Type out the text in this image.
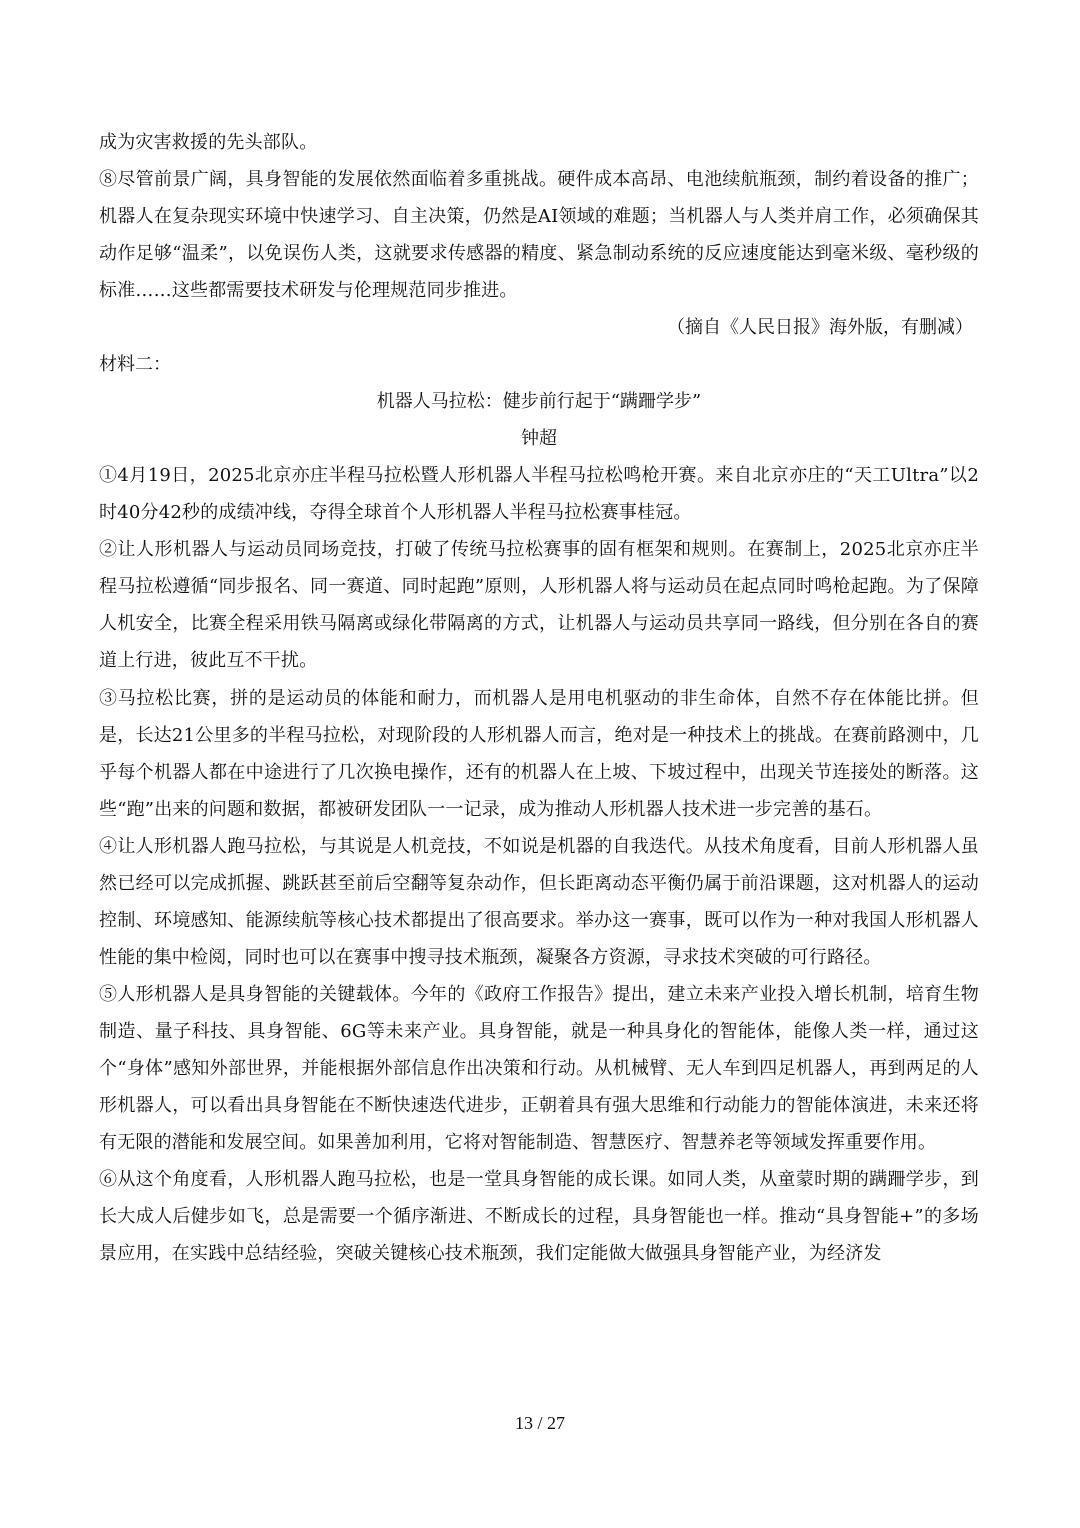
成为灾害救援的先头部队。

⑧尽管前景广阔，具身智能的发展依然面临着多重挑战。硬件成本高昂、电池续航瓶颈，制约着设备的推广；机器人在复杂现实环境中快速学习、自主决策，仍然是AI领域的难题；当机器人与人类并肩工作，必须确保其动作足够“温柔”，以免误伤人类，这就要求传感器的精度、紧急制动系统的反应速度能达到毫米级、毫秒级的标准……这些都需要技术研发与伦理规范同步推进。

（摘自《人民日报》海外版，有删减）

材料二：

机器人马拉松：健步前行起于“蹒跚学步”

钟超

①4月19日，2025北京亦庄半程马拉松暨人形机器人半程马拉松鸣枪开赛。来自北京亦庄的“天工Ultra”以2时40分42秒的成绩冲线，夺得全球首个人形机器人半程马拉松赛事桂冠。

②让人形机器人与运动员同场竞技，打破了传统马拉松赛事的固有框架和规则。在赛制上，2025北京亦庄半程马拉松遵循“同步报名、同一赛道、同时起跑”原则，人形机器人将与运动员在起点同时鸣枪起跑。为了保障人机安全，比赛全程采用铁马隔离或绿化带隔离的方式，让机器人与运动员共享同一路线，但分别在各自的赛道上行进，彼此互不干扰。

③马拉松比赛，拼的是运动员的体能和耐力，而机器人是用电机驱动的非生命体，自然不存在体能比拼。但是，长达21公里多的半程马拉松，对现阶段的人形机器人而言，绝对是一种技术上的挑战。在赛前路测中，几乎每个机器人都在中途进行了几次换电操作，还有的机器人在上坡、下坡过程中，出现关节连接处的断落。这些“跑”出来的问题和数据，都被研发团队一一记录，成为推动人形机器人技术进一步完善的基石。

④让人形机器人跑马拉松，与其说是人机竞技，不如说是机器的自我迭代。从技术角度看，目前人形机器人虽然已经可以完成抓握、跳跃甚至前后空翻等复杂动作，但长距离动态平衡仍属于前沿课题，这对机器人的运动控制、环境感知、能源续航等核心技术都提出了很高要求。举办这一赛事，既可以作为一种对我国人形机器人性能的集中检阅，同时也可以在赛事中搜寻技术瓶颈，凝聚各方资源，寻求技术突破的可行路径。

⑤人形机器人是具身智能的关键载体。今年的《政府工作报告》提出，建立未来产业投入增长机制，培育生物制造、量子科技、具身智能、6G等未来产业。具身智能，就是一种具身化的智能体，能像人类一样，通过这个“身体”感知外部世界，并能根据外部信息作出决策和行动。从机械臂、无人车到四足机器人，再到两足的人形机器人，可以看出具身智能在不断快速迭代进步，正朝着具有强大思维和行动能力的智能体演进，未来还将有无限的潜能和发展空间。如果善加利用，它将对智能制造、智慧医疗、智慧养老等领域发挥重要作用。

⑥从这个角度看，人形机器人跑马拉松，也是一堂具身智能的成长课。如同人类，从童蒙时期的蹒跚学步，到长大成人后健步如飞，总是需要一个循序渐进、不断成长的过程，具身智能也一样。推动“具身智能+”的多场景应用，在实践中总结经验，突破关键核心技术瓶颈，我们定能做大做强具身智能产业，为经济发

13 / 27
